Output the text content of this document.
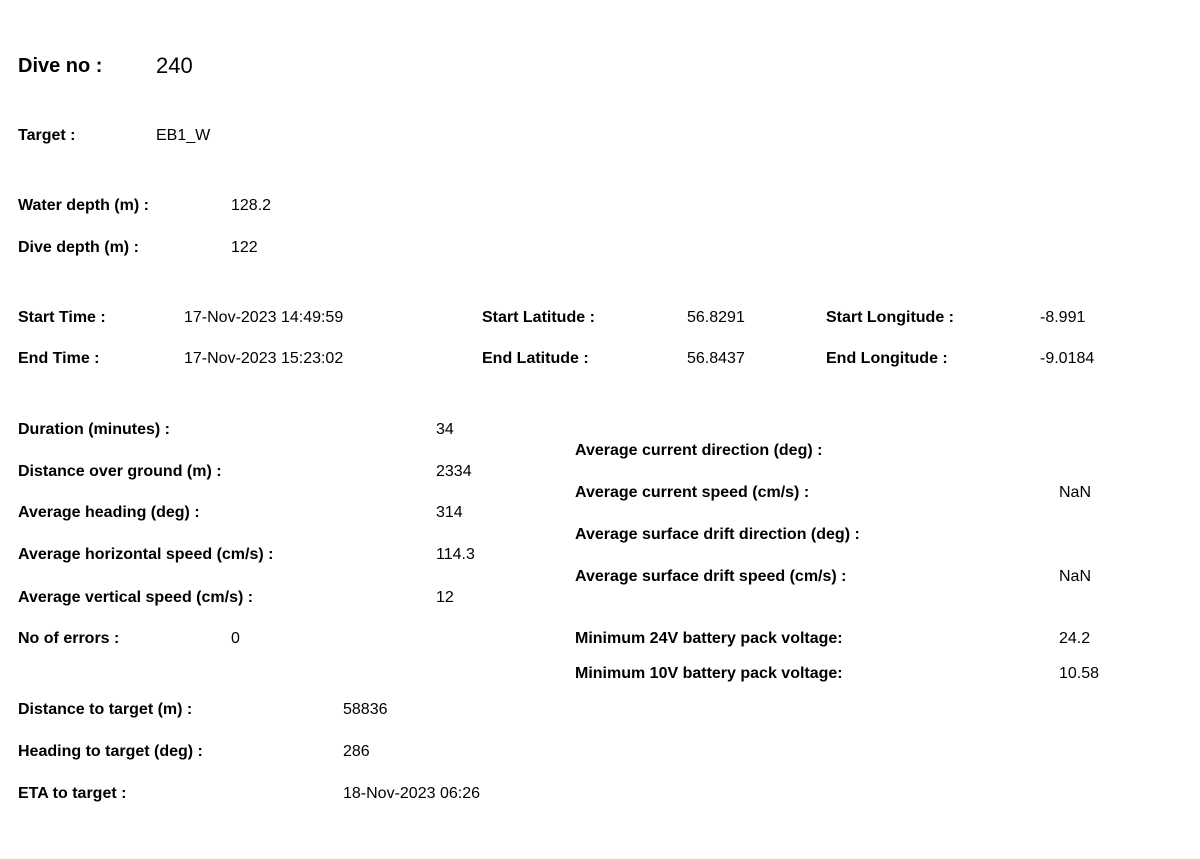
Dive no : 240
Target :	EB1_W
Water depth (m) :	128.2
Dive depth (m) :	122
Start Time :	17-Nov-2023 14:49:59
End Time :	17-Nov-2023 15:23:02
Start Latitude :	56.8291
End Latitude :	56.8437
Start Longitude :	-8.991
End Longitude :	-9.0184
Duration (minutes) :	34
Distance over ground (m) :	2334
Average heading (deg) :	314
Average horizontal speed (cm/s) :	114.3
Average vertical speed (cm/s) :	12
No of errors :	0
Average current direction (deg) :
Average current speed (cm/s) :	NaN
Average surface drift direction (deg) :
Average surface drift speed (cm/s) :	NaN
Minimum 24V battery pack voltage:	24.2
Minimum 10V battery pack voltage:	10.58
Distance to target (m) :	58836
Heading to target (deg) :	286
ETA to target :	18-Nov-2023 06:26
